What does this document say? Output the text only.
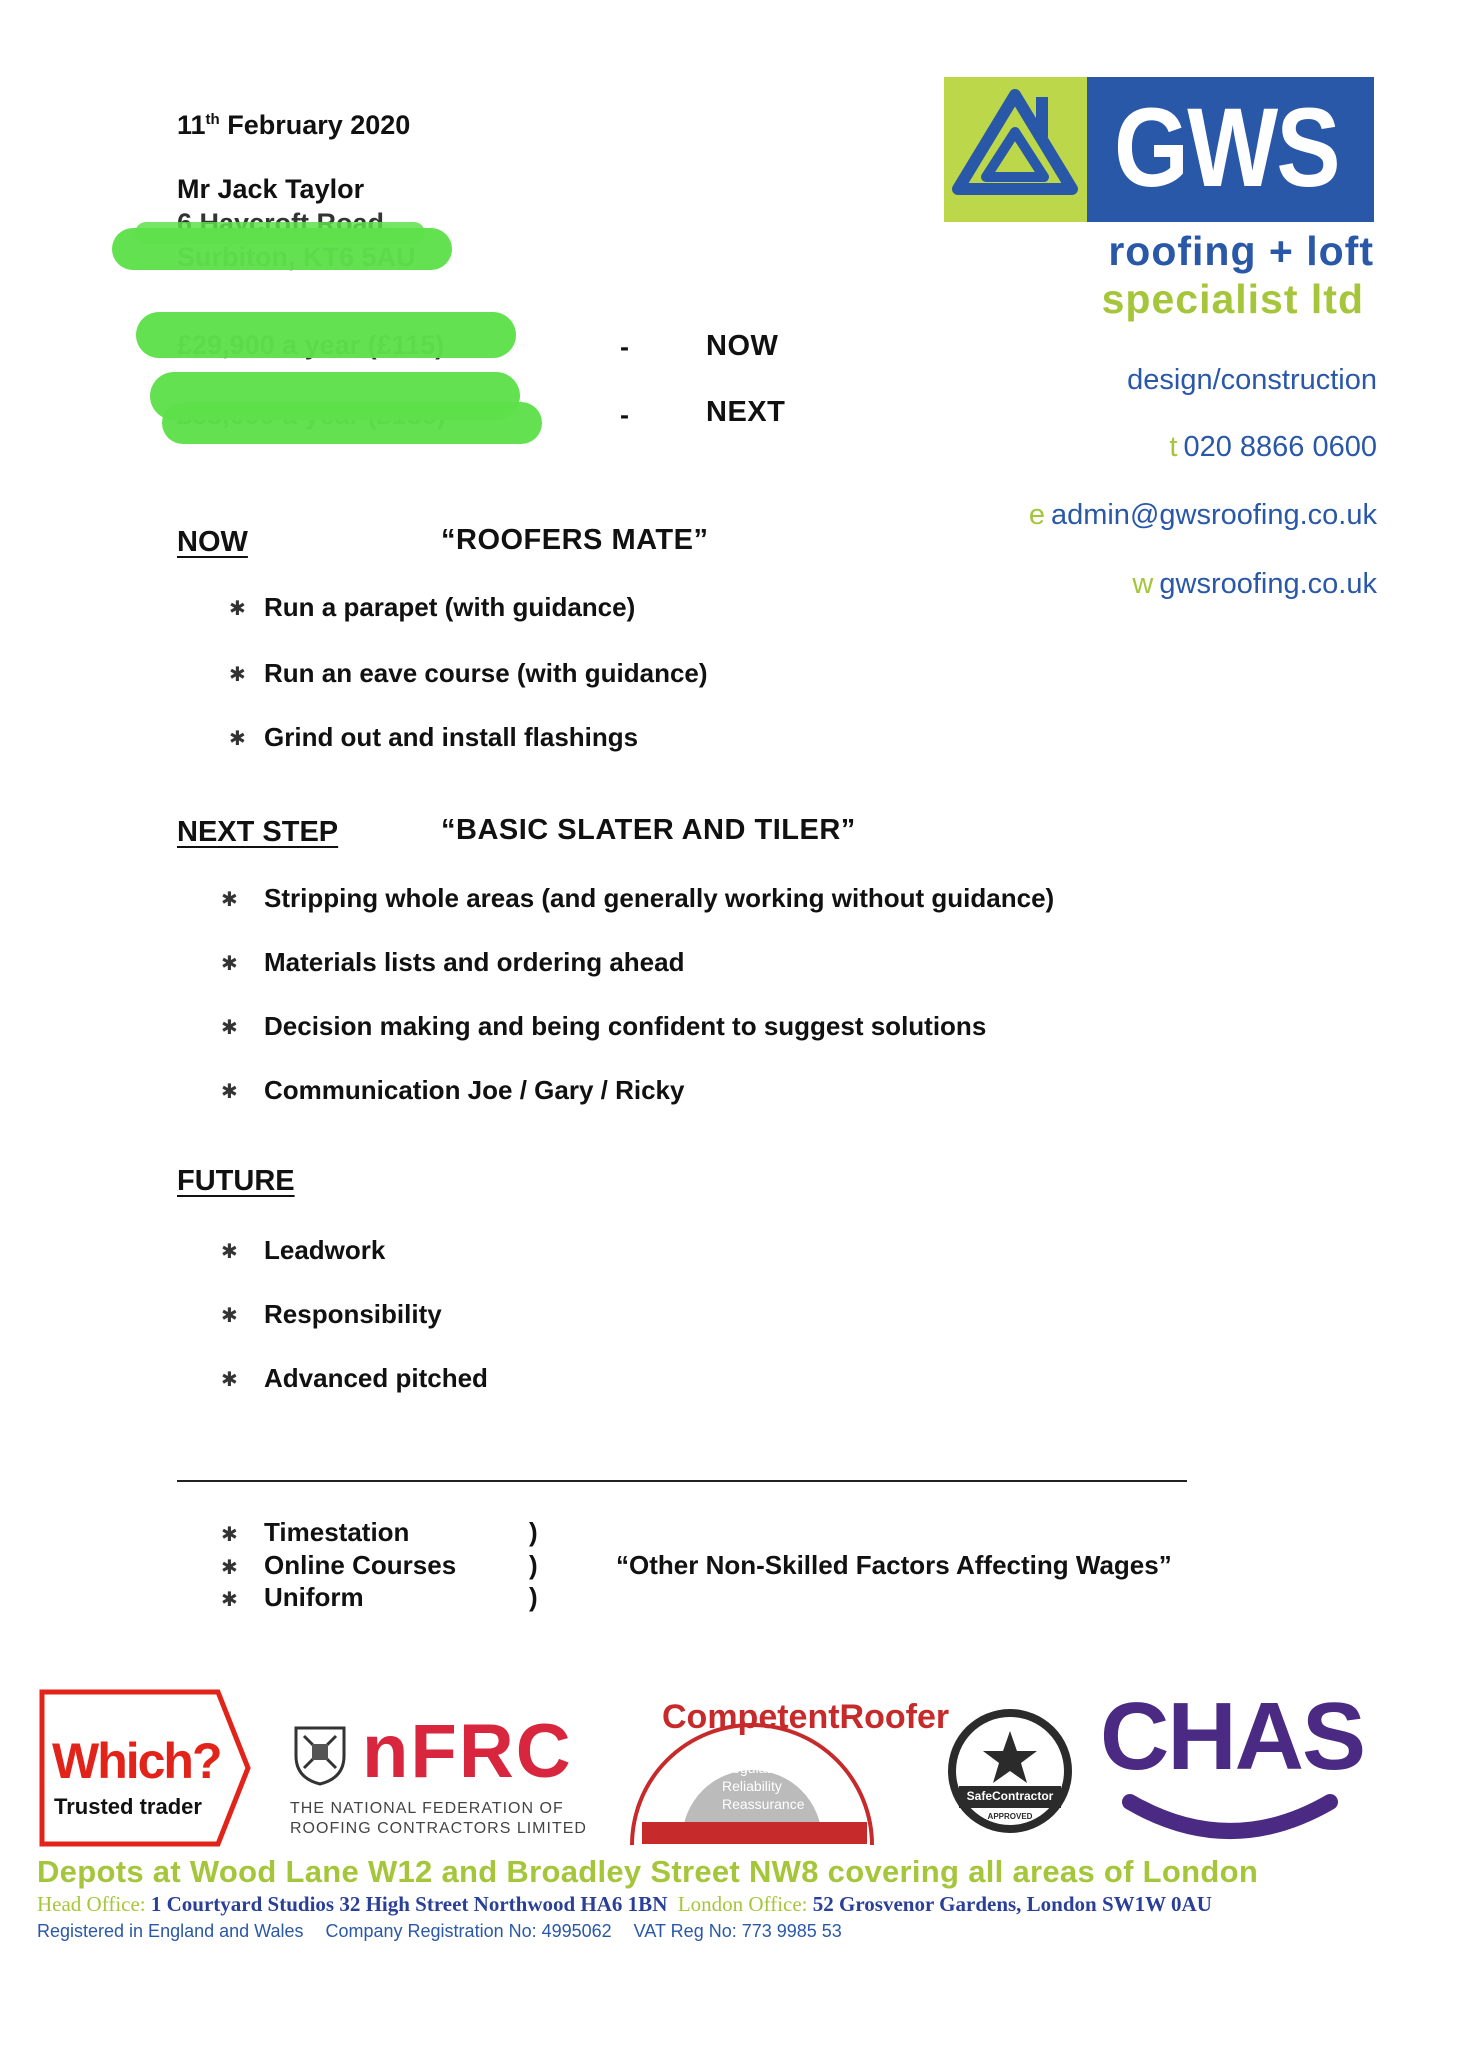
11th February 2020
Mr Jack Taylor
-	NOW
-	NEXT
GWS
roofing + loft
specialist ltd
design/construction
t 020 8866 0600
e admin@gwsroofing.co.uk
w gwsroofing.co.uk
NOW	“ROOFERS MATE”
✱ Run a parapet (with guidance)
✱ Run an eave course (with guidance)
✱ Grind out and install flashings
NEXT STEP	“BASIC SLATER AND TILER”
✱ Stripping whole areas (and generally working without guidance)
✱ Materials lists and ordering ahead
✱ Decision making and being confident to suggest solutions
✱ Communication Joe / Gary / Ricky
FUTURE
✱ Leadwork
✱ Responsibility
✱ Advanced pitched
✱ Timestation	)
✱ Online Courses	)
✱ Uniform	)
“Other Non-Skilled Factors Affecting Wages”
Which?
Trusted trader
nFRC
THE NATIONAL FEDERATION OF
ROOFING CONTRACTORS LIMITED
CompetentRoofer
Regulation
Reliability
Reassurance	SafeContractor
APPROVED
CHAS
Depots at Wood Lane W12 and Broadley Street NW8 covering all areas of London
Head Office: 1 Courtyard Studios 32 High Street Northwood HA6 1BN London Office: 52 Grosvenor Gardens, London SW1W 0AU
Registered in England and Wales Company Registration No: 4995062 VAT Reg No: 773 9985 53
